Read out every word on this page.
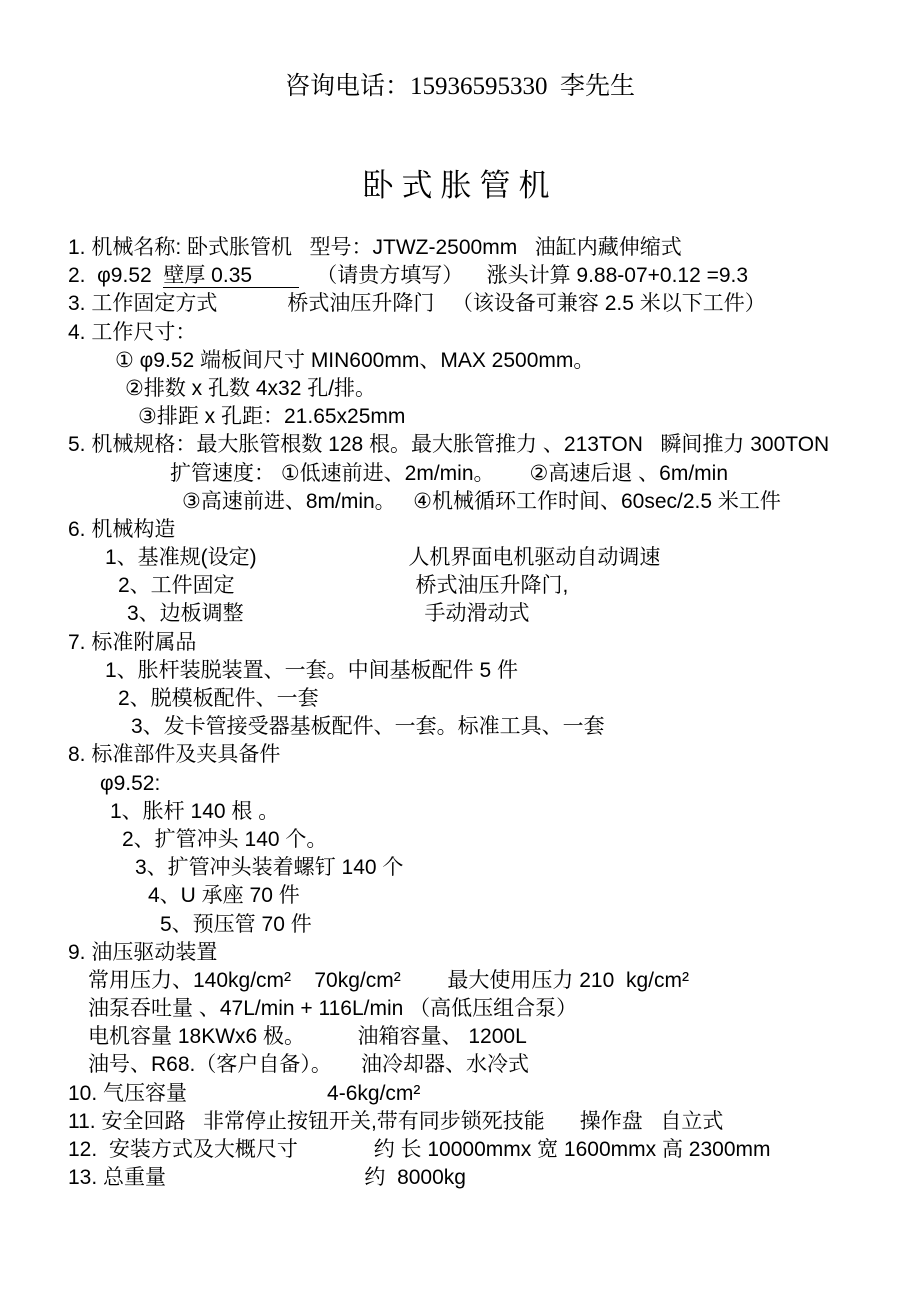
咨询电话：15936595330  李先生
卧式胀管机
1. 机械名称: 卧式胀管机   型号：JTWZ-2500mm   油缸内藏伸缩式
2.  φ9.52  壁厚 0.35           （请贵方填写）    涨头计算 9.88-07+0.12 =9.3
3. 工作固定方式            桥式油压升降门   （该设备可兼容 2.5 米以下工件）
4. 工作尺寸：
① φ9.52 端板间尺寸 MIN600mm、MAX 2500mm。
②排数 x 孔数 4x32 孔/排。
③排距 x 孔距：21.65x25mm
5. 机械规格：最大胀管根数 128 根。最大胀管推力 、213TON   瞬间推力 300TON
扩管速度： ①低速前进、2m/min。      ②高速后退 、6m/min
③高速前进、8m/min。   ④机械循环工作时间、60sec/2.5 米工件
6. 机械构造
1、基准规(设定)                          人机界面电机驱动自动调速
2、工件固定                               桥式油压升降门,
3、边板调整                               手动滑动式
7. 标准附属品
1、胀杆装脱装置、一套。中间基板配件 5 件
2、脱模板配件、一套
3、发卡管接受器基板配件、一套。标准工具、一套
8. 标准部件及夹具备件
φ9.52:
1、胀杆 140 根 。
2、扩管冲头 140 个。
3、扩管冲头装着螺钉 140 个
4、U 承座 70 件
5、预压管 70 件
9. 油压驱动装置
常用压力、140kg/cm²    70kg/cm²        最大使用压力 210  kg/cm²
油泵吞吐量 、47L/min + 116L/min （高低压组合泵）
电机容量 18KWx6 极。         油箱容量、 1200L
油号、R68.（客户自备）。     油冷却器、水冷式
10. 气压容量                        4-6kg/cm²
11. 安全回路   非常停止按钮开关,带有同步锁死技能      操作盘   自立式
12.  安装方式及大概尺寸             约 长 10000mmx 宽 1600mmx 高 2300mm
13. 总重量                                  约  8000kg
